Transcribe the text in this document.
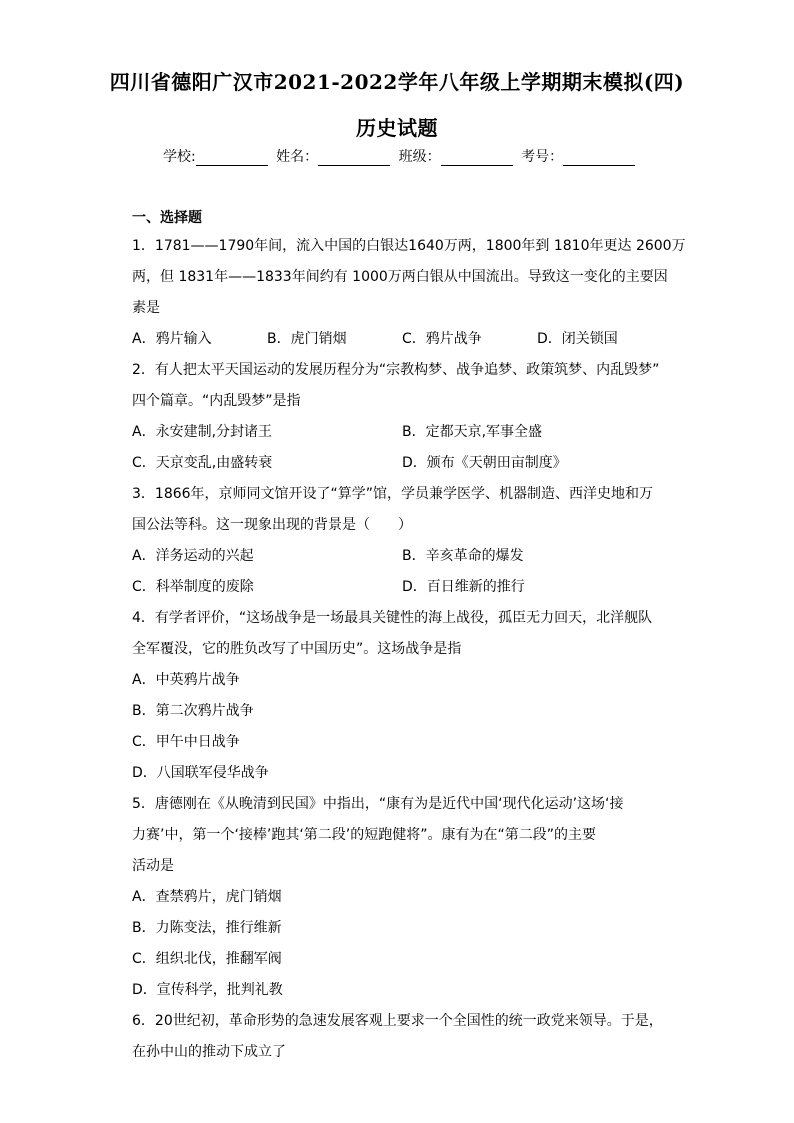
四川省德阳广汉市2021-2022学年八年级上学期期末模拟(四)
历史试题
学校:	姓名：	班级：	考号：
一、选择题
1．1781——1790年间，流入中国的白银达1640万两，1800年到 1810年更达 2600万
两，但 1831年——1833年间约有 1000万两白银从中国流出。导致这一变化的主要因
素是
A．鸦片输入	B．虎门销烟	C．鸦片战争	D．闭关锁国
2．有人把太平天国运动的发展历程分为“宗教构梦、战争追梦、政策筑梦、内乱毁梦”
四个篇章。“内乱毁梦”是指
A．永安建制,分封诸王	B．定都天京,军事全盛
C．天京变乱,由盛转衰	D．颁布《天朝田亩制度》
3．1866年，京师同文馆开设了“算学”馆，学员兼学医学、机器制造、西洋史地和万
国公法等科。这一现象出现的背景是（　　）
A．洋务运动的兴起	B．辛亥革命的爆发
C．科举制度的废除	D．百日维新的推行
4．有学者评价，“这场战争是一场最具关键性的海上战役，孤臣无力回天，北洋舰队
全军覆没，它的胜负改写了中国历史”。这场战争是指
A．中英鸦片战争
B．第二次鸦片战争
C．甲午中日战争
D．八国联军侵华战争
5．唐德刚在《从晚清到民国》中指出，“康有为是近代中国‘现代化运动’这场‘接
力赛’中，第一个‘接棒’跑其‘第二段’的短跑健将”。康有为在“第二段”的主要
活动是
A．查禁鸦片，虎门销烟
B．力陈变法，推行维新
C．组织北伐，推翻军阀
D．宣传科学，批判礼教
6．20世纪初，革命形势的急速发展客观上要求一个全国性的统一政党来领导。于是，
在孙中山的推动下成立了
